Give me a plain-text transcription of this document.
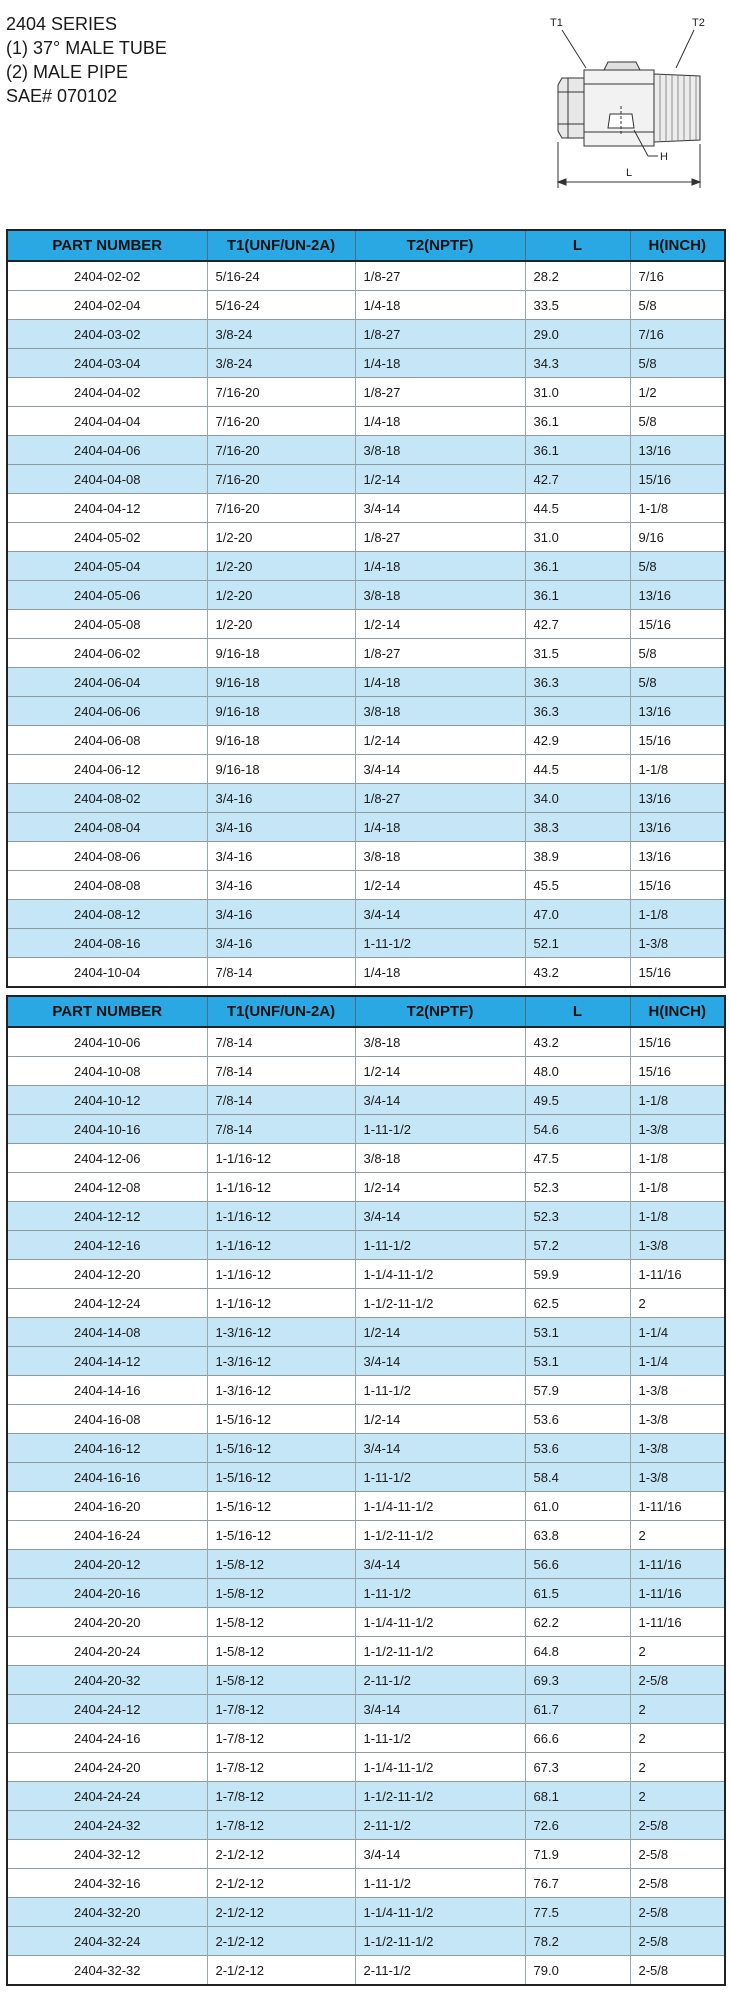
2404 SERIES
(1) 37° MALE TUBE
(2) MALE PIPE
SAE# 070102
T1	T2
H
L
PART NUMBER	T1(UNF/UN-2A)	T2(NPTF)	L	H(INCH)
2404-02-02	5/16-24	1/8-27	28.2	7/16
2404-02-04	5/16-24	1/4-18	33.5	5/8
2404-03-02	3/8-24	1/8-27	29.0	7/16
2404-03-04	3/8-24	1/4-18	34.3	5/8
2404-04-02	7/16-20	1/8-27	31.0	1/2
2404-04-04	7/16-20	1/4-18	36.1	5/8
2404-04-06	7/16-20	3/8-18	36.1	13/16
2404-04-08	7/16-20	1/2-14	42.7	15/16
2404-04-12	7/16-20	3/4-14	44.5	1-1/8
2404-05-02	1/2-20	1/8-27	31.0	9/16
2404-05-04	1/2-20	1/4-18	36.1	5/8
2404-05-06	1/2-20	3/8-18	36.1	13/16
2404-05-08	1/2-20	1/2-14	42.7	15/16
2404-06-02	9/16-18	1/8-27	31.5	5/8
2404-06-04	9/16-18	1/4-18	36.3	5/8
2404-06-06	9/16-18	3/8-18	36.3	13/16
2404-06-08	9/16-18	1/2-14	42.9	15/16
2404-06-12	9/16-18	3/4-14	44.5	1-1/8
2404-08-02	3/4-16	1/8-27	34.0	13/16
2404-08-04	3/4-16	1/4-18	38.3	13/16
2404-08-06	3/4-16	3/8-18	38.9	13/16
2404-08-08	3/4-16	1/2-14	45.5	15/16
2404-08-12	3/4-16	3/4-14	47.0	1-1/8
2404-08-16	3/4-16	1-11-1/2	52.1	1-3/8
2404-10-04	7/8-14	1/4-18	43.2	15/16
PART NUMBER	T1(UNF/UN-2A)	T2(NPTF)	L	H(INCH)
2404-10-06	7/8-14	3/8-18	43.2	15/16
2404-10-08	7/8-14	1/2-14	48.0	15/16
2404-10-12	7/8-14	3/4-14	49.5	1-1/8
2404-10-16	7/8-14	1-11-1/2	54.6	1-3/8
2404-12-06	1-1/16-12	3/8-18	47.5	1-1/8
2404-12-08	1-1/16-12	1/2-14	52.3	1-1/8
2404-12-12	1-1/16-12	3/4-14	52.3	1-1/8
2404-12-16	1-1/16-12	1-11-1/2	57.2	1-3/8
2404-12-20	1-1/16-12	1-1/4-11-1/2	59.9	1-11/16
2404-12-24	1-1/16-12	1-1/2-11-1/2	62.5	2
2404-14-08	1-3/16-12	1/2-14	53.1	1-1/4
2404-14-12	1-3/16-12	3/4-14	53.1	1-1/4
2404-14-16	1-3/16-12	1-11-1/2	57.9	1-3/8
2404-16-08	1-5/16-12	1/2-14	53.6	1-3/8
2404-16-12	1-5/16-12	3/4-14	53.6	1-3/8
2404-16-16	1-5/16-12	1-11-1/2	58.4	1-3/8
2404-16-20	1-5/16-12	1-1/4-11-1/2	61.0	1-11/16
2404-16-24	1-5/16-12	1-1/2-11-1/2	63.8	2
2404-20-12	1-5/8-12	3/4-14	56.6	1-11/16
2404-20-16	1-5/8-12	1-11-1/2	61.5	1-11/16
2404-20-20	1-5/8-12	1-1/4-11-1/2	62.2	1-11/16
2404-20-24	1-5/8-12	1-1/2-11-1/2	64.8	2
2404-20-32	1-5/8-12	2-11-1/2	69.3	2-5/8
2404-24-12	1-7/8-12	3/4-14	61.7	2
2404-24-16	1-7/8-12	1-11-1/2	66.6	2
2404-24-20	1-7/8-12	1-1/4-11-1/2	67.3	2
2404-24-24	1-7/8-12	1-1/2-11-1/2	68.1	2
2404-24-32	1-7/8-12	2-11-1/2	72.6	2-5/8
2404-32-12	2-1/2-12	3/4-14	71.9	2-5/8
2404-32-16	2-1/2-12	1-11-1/2	76.7	2-5/8
2404-32-20	2-1/2-12	1-1/4-11-1/2	77.5	2-5/8
2404-32-24	2-1/2-12	1-1/2-11-1/2	78.2	2-5/8
2404-32-32	2-1/2-12	2-11-1/2	79.0	2-5/8
